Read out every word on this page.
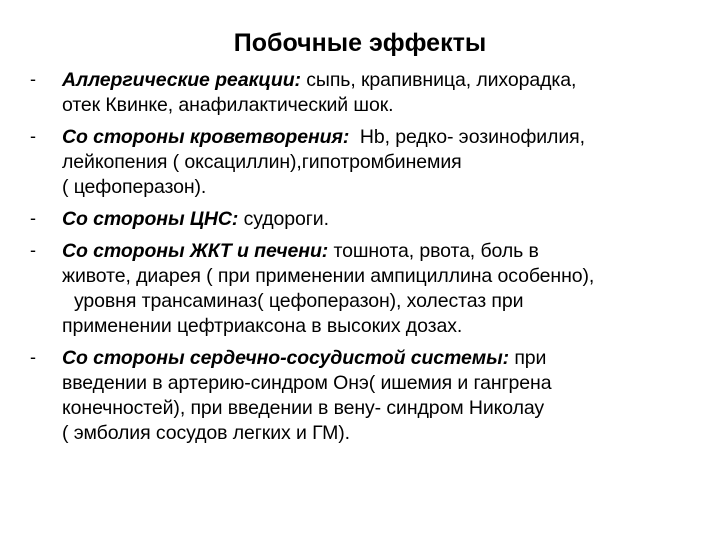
Побочные эффекты
- Аллергические реакции: сыпь, крапивница, лихорадка,
отек Квинке, анафилактический шок.
- Со стороны кроветворения:  Hb, редко- эозинофилия,
лейкопения ( оксациллин),гипотромбинемия
( цефоперазон).
- Со стороны ЦНС: судороги.
- Со стороны ЖКТ и печени: тошнота, рвота, боль в
животе, диарея ( при применении ампициллина особенно),
уровня трансаминаз( цефоперазон), холестаз при
применении цефтриаксона в высоких дозах.
- Со стороны сердечно-сосудистой системы: при
введении в артерию-синдром Онэ( ишемия и гангрена
конечностей), при введении в вену- синдром Николау
( эмболия сосудов легких и ГМ).
